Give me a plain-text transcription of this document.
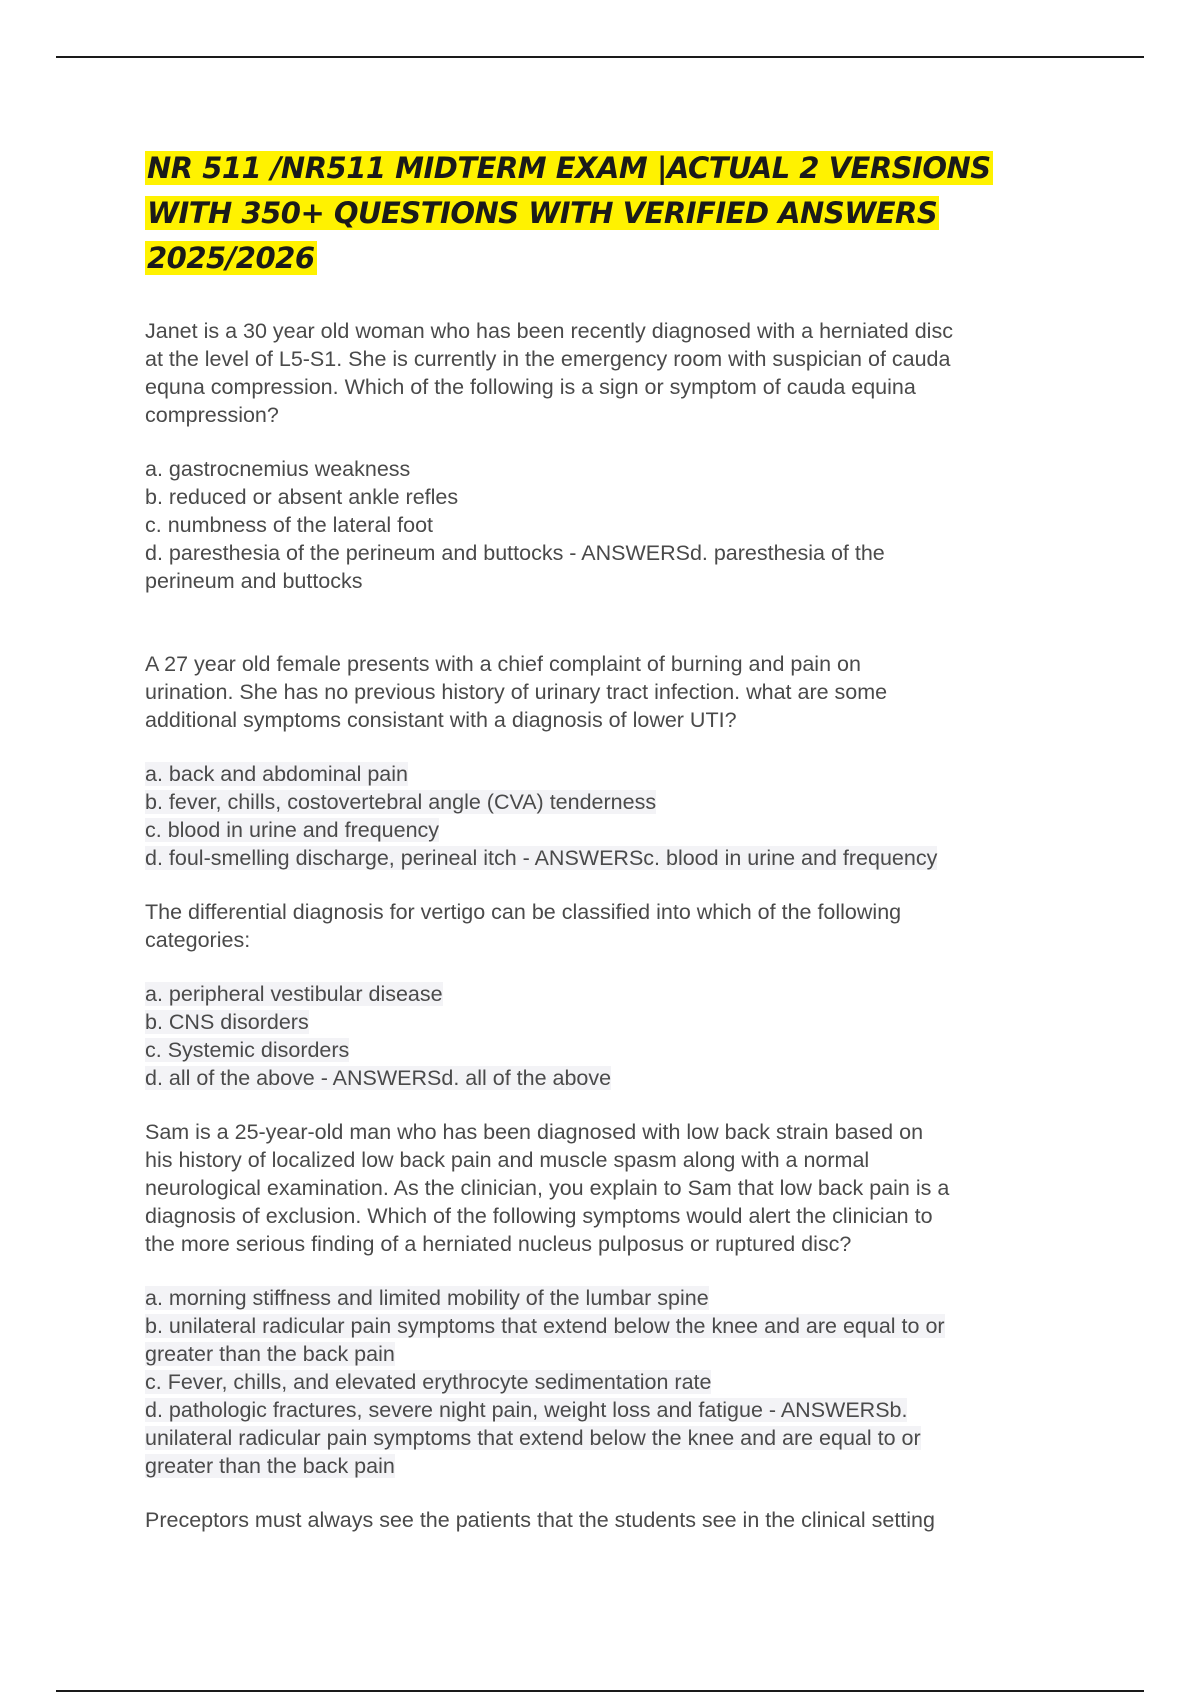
NR 511 /NR511 MIDTERM EXAM |ACTUAL 2 VERSIONS
WITH 350+ QUESTIONS WITH VERIFIED ANSWERS
2025/2026
Janet is a 30 year old woman who has been recently diagnosed with a herniated disc
at the level of L5-S1. She is currently in the emergency room with suspician of cauda
equna compression. Which of the following is a sign or symptom of cauda equina
compression?
a. gastrocnemius weakness
b. reduced or absent ankle refles
c. numbness of the lateral foot
d. paresthesia of the perineum and buttocks - ANSWERSd. paresthesia of the
perineum and buttocks
A 27 year old female presents with a chief complaint of burning and pain on
urination. She has no previous history of urinary tract infection. what are some
additional symptoms consistant with a diagnosis of lower UTI?
a. back and abdominal pain
b. fever, chills, costovertebral angle (CVA) tenderness
c. blood in urine and frequency
d. foul-smelling discharge, perineal itch - ANSWERSc. blood in urine and frequency
The differential diagnosis for vertigo can be classified into which of the following
categories:
a. peripheral vestibular disease
b. CNS disorders
c. Systemic disorders
d. all of the above - ANSWERSd. all of the above
Sam is a 25-year-old man who has been diagnosed with low back strain based on
his history of localized low back pain and muscle spasm along with a normal
neurological examination. As the clinician, you explain to Sam that low back pain is a
diagnosis of exclusion. Which of the following symptoms would alert the clinician to
the more serious finding of a herniated nucleus pulposus or ruptured disc?
a. morning stiffness and limited mobility of the lumbar spine
b. unilateral radicular pain symptoms that extend below the knee and are equal to or
greater than the back pain
c. Fever, chills, and elevated erythrocyte sedimentation rate
d. pathologic fractures, severe night pain, weight loss and fatigue - ANSWERSb.
unilateral radicular pain symptoms that extend below the knee and are equal to or
greater than the back pain
Preceptors must always see the patients that the students see in the clinical setting
